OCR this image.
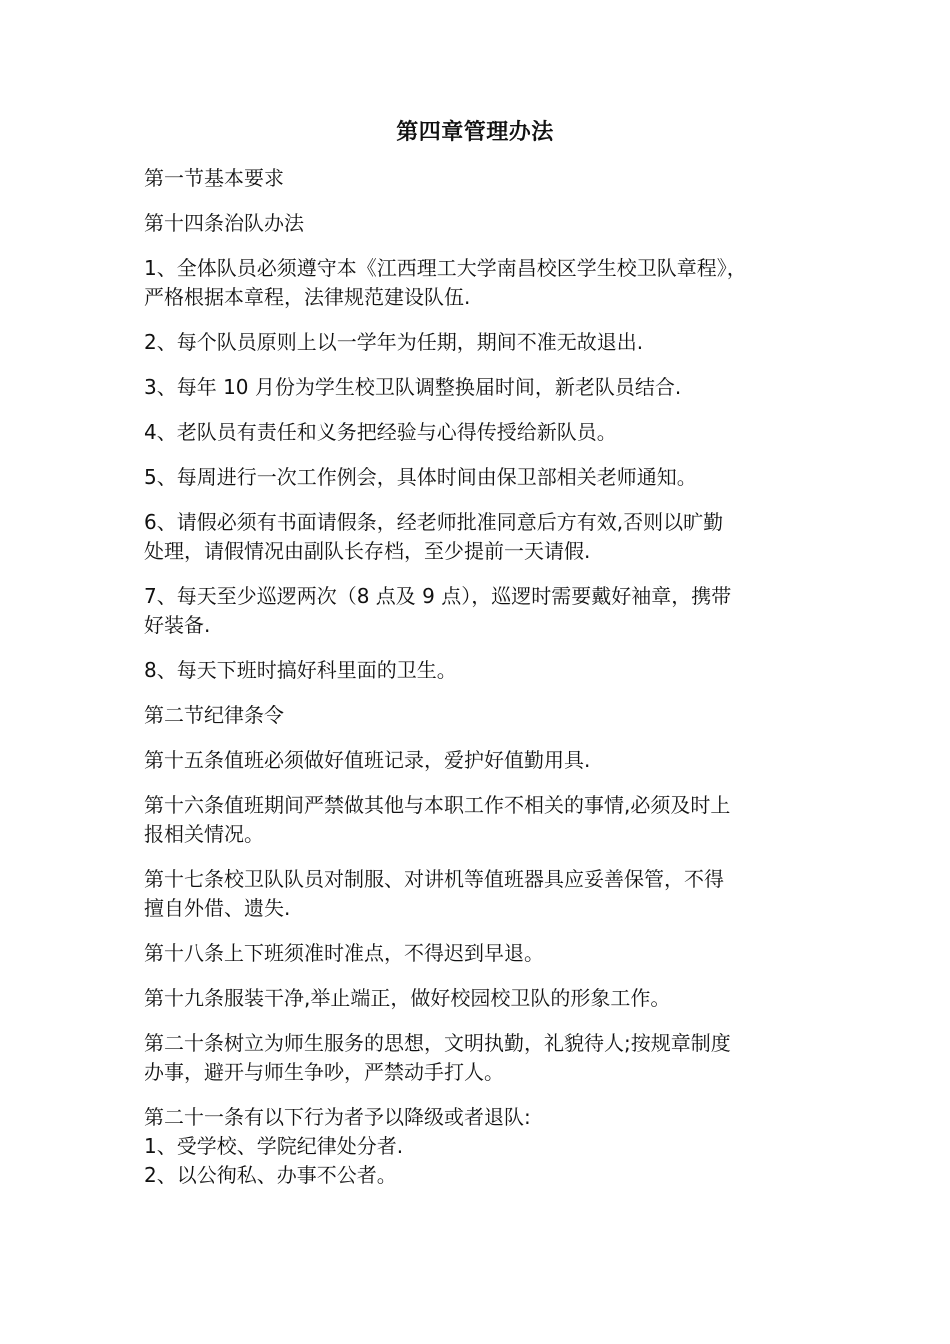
第四章管理办法

第一节基本要求

第十四条治队办法

1、全体队员必须遵守本《江西理工大学南昌校区学生校卫队章程》，
严格根据本章程，法律规范建设队伍.

2、每个队员原则上以一学年为任期，期间不准无故退出.

3、每年 10 月份为学生校卫队调整换届时间，新老队员结合.

4、老队员有责任和义务把经验与心得传授给新队员。

5、每周进行一次工作例会，具体时间由保卫部相关老师通知。

6、请假必须有书面请假条，经老师批准同意后方有效,否则以旷勤
处理，请假情况由副队长存档，至少提前一天请假.

7、每天至少巡逻两次（8 点及 9 点），巡逻时需要戴好袖章，携带
好装备.

8、每天下班时搞好科里面的卫生。

第二节纪律条令

第十五条值班必须做好值班记录，爱护好值勤用具.

第十六条值班期间严禁做其他与本职工作不相关的事情,必须及时上
报相关情况。

第十七条校卫队队员对制服、对讲机等值班器具应妥善保管，不得
擅自外借、遗失.

第十八条上下班须准时准点，不得迟到早退。

第十九条服装干净,举止端正，做好校园校卫队的形象工作。

第二十条树立为师生服务的思想，文明执勤，礼貌待人;按规章制度
办事，避开与师生争吵，严禁动手打人。

第二十一条有以下行为者予以降级或者退队:
1、受学校、学院纪律处分者.
2、以公徇私、办事不公者。
